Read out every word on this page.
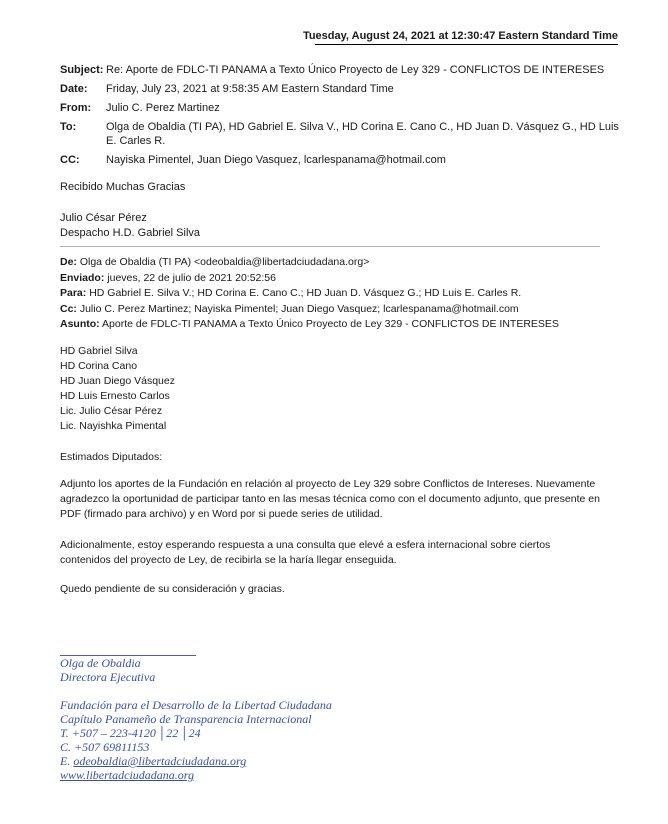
Tuesday, August 24, 2021 at 12:30:47 Eastern Standard Time
Subject:	Re: Aporte de FDLC-TI PANAMA a Texto Único Proyecto de Ley 329 - CONFLICTOS DE INTERESES
Date:	Friday, July 23, 2021 at 9:58:35 AM Eastern Standard Time
From:	Julio C. Perez Martinez
To:	Olga de Obaldia (TI PA), HD Gabriel E. Silva V., HD Corina E. Cano C., HD Juan D. Vásquez G., HD Luis E. Carles R.
CC:	Nayiska Pimentel, Juan Diego Vasquez, lcarlespanama@hotmail.com
Recibido Muchas Gracias
Julio César Pérez
Despacho H.D. Gabriel Silva
De: Olga de Obaldia (TI PA) <odeobaldia@libertadciudadana.org>
Enviado: jueves, 22 de julio de 2021 20:52:56
Para: HD Gabriel E. Silva V.; HD Corina E. Cano C.; HD Juan D. Vásquez G.; HD Luis E. Carles R.
Cc: Julio C. Perez Martinez; Nayiska Pimentel; Juan Diego Vasquez; lcarlespanama@hotmail.com
Asunto: Aporte de FDLC-TI PANAMA a Texto Único Proyecto de Ley 329 - CONFLICTOS DE INTERESES
HD Gabriel Silva
HD Corina Cano
HD Juan Diego Vásquez
HD Luis Ernesto Carlos
Lic. Julio César Pérez
Lic. Nayishka Pimental
Estimados Diputados:
Adjunto los aportes de la Fundación en relación al proyecto de Ley 329 sobre Conflictos de Intereses. Nuevamente agradezco la oportunidad de participar tanto en las mesas técnica como con el documento adjunto, que presente en PDF (firmado para archivo) y en Word por si puede series de utilidad.
Adicionalmente, estoy esperando respuesta a una consulta que elevé a esfera internacional sobre ciertos contenidos del proyecto de Ley, de recibirla se la haría llegar enseguida.
Quedo pendiente de su consideración y gracias.
Olga de Obaldia
Directora Ejecutiva
Fundación para el Desarrollo de la Libertad Ciudadana
Capítulo Panameño de Transparencia Internacional
T. +507 – 223-4120 │22 │24
C. +507 69811153
E. odeobaldia@libertadciudadana.org
www.libertadciudadana.org
